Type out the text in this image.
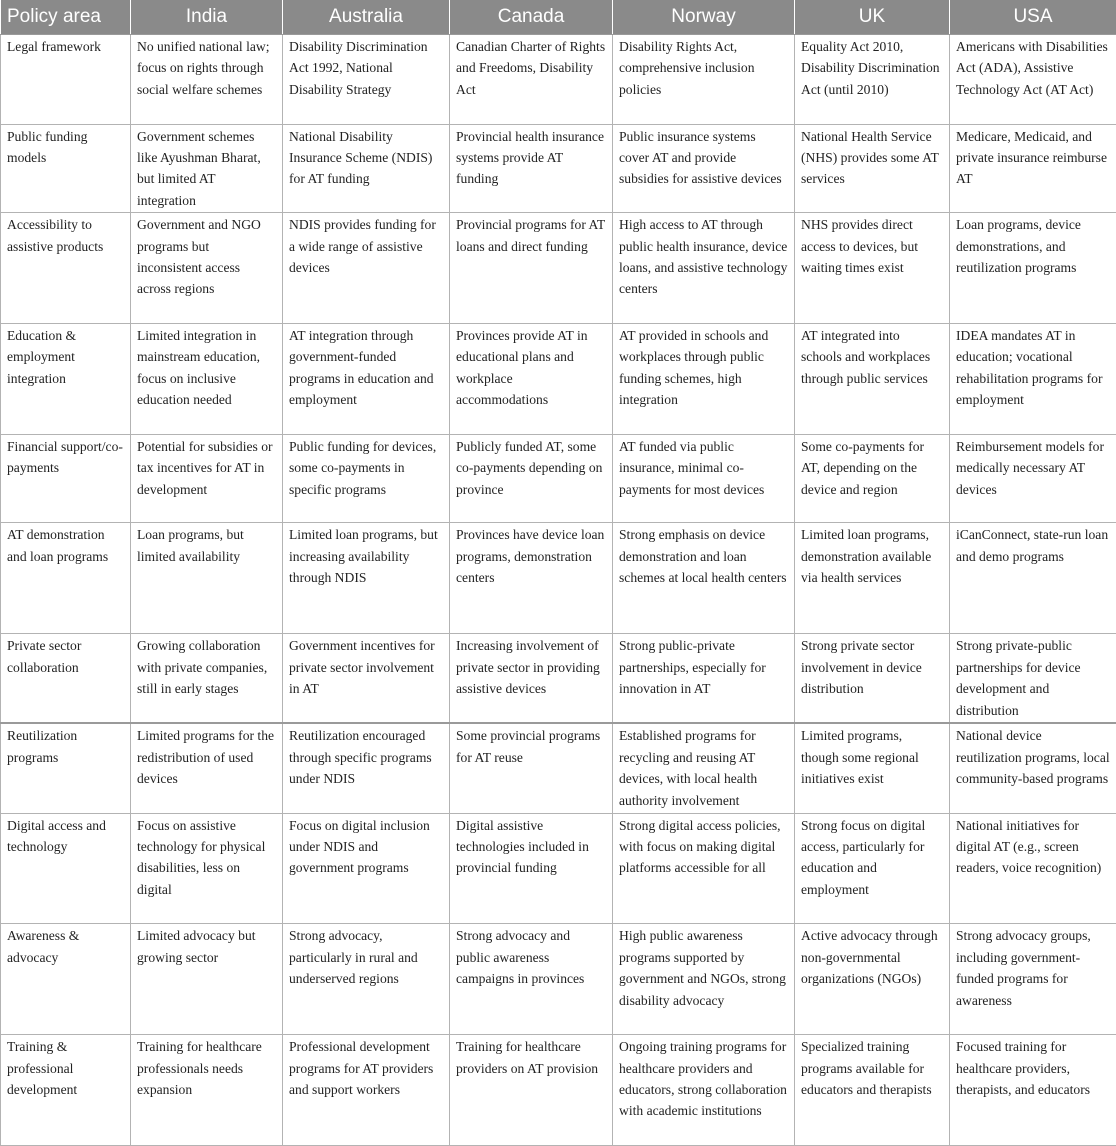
Policy area	India	Australia	Canada	Norway	UK	USA
Legal framework	No unified national law; focus on rights through social welfare schemes	Disability Discrimination Act 1992, National Disability Strategy	Canadian Charter of Rights and Freedoms, Disability Act	Disability Rights Act, comprehensive inclusion policies	Equality Act 2010, Disability Discrimination Act (until 2010)	Americans with Disabilities Act (ADA), Assistive Technology Act (AT Act)
Public funding models	Government schemes like Ayushman Bharat, but limited AT integration	National Disability Insurance Scheme (NDIS) for AT funding	Provincial health insurance systems provide AT funding	Public insurance systems cover AT and provide subsidies for assistive devices	National Health Service (NHS) provides some AT services	Medicare, Medicaid, and private insurance reimburse AT
Accessibility to assistive products	Government and NGO programs but inconsistent access across regions	NDIS provides funding for a wide range of assistive devices	Provincial programs for AT loans and direct funding	High access to AT through public health insurance, device loans, and assistive technology centers	NHS provides direct access to devices, but waiting times exist	Loan programs, device demonstrations, and reutilization programs
Education & employment integration	Limited integration in mainstream education, focus on inclusive education needed	AT integration through government-funded programs in education and employment	Provinces provide AT in educational plans and workplace accommodations	AT provided in schools and workplaces through public funding schemes, high integration	AT integrated into schools and workplaces through public services	IDEA mandates AT in education; vocational rehabilitation programs for employment
Financial support/co-payments	Potential for subsidies or tax incentives for AT in development	Public funding for devices, some co-payments in specific programs	Publicly funded AT, some co-payments depending on province	AT funded via public insurance, minimal co-payments for most devices	Some co-payments for AT, depending on the device and region	Reimbursement models for medically necessary AT devices
AT demonstration and loan programs	Loan programs, but limited availability	Limited loan programs, but increasing availability through NDIS	Provinces have device loan programs, demonstration centers	Strong emphasis on device demonstration and loan schemes at local health centers	Limited loan programs, demonstration available via health services	iCanConnect, state-run loan and demo programs
Private sector collaboration	Growing collaboration with private companies, still in early stages	Government incentives for private sector involvement in AT	Increasing involvement of private sector in providing assistive devices	Strong public-private partnerships, especially for innovation in AT	Strong private sector involvement in device distribution	Strong private-public partnerships for device development and distribution
Reutilization programs	Limited programs for the redistribution of used devices	Reutilization encouraged through specific programs under NDIS	Some provincial programs for AT reuse	Established programs for recycling and reusing AT devices, with local health authority involvement	Limited programs, though some regional initiatives exist	National device reutilization programs, local community-based programs
Digital access and technology	Focus on assistive technology for physical disabilities, less on digital	Focus on digital inclusion under NDIS and government programs	Digital assistive technologies included in provincial funding	Strong digital access policies, with focus on making digital platforms accessible for all	Strong focus on digital access, particularly for education and employment	National initiatives for digital AT (e.g., screen readers, voice recognition)
Awareness & advocacy	Limited advocacy but growing sector	Strong advocacy, particularly in rural and underserved regions	Strong advocacy and public awareness campaigns in provinces	High public awareness programs supported by government and NGOs, strong disability advocacy	Active advocacy through non-governmental organizations (NGOs)	Strong advocacy groups, including government-funded programs for awareness
Training & professional development	Training for healthcare professionals needs expansion	Professional development programs for AT providers and support workers	Training for healthcare providers on AT provision	Ongoing training programs for healthcare providers and educators, strong collaboration with academic institutions	Specialized training programs available for educators and therapists	Focused training for healthcare providers, therapists, and educators
